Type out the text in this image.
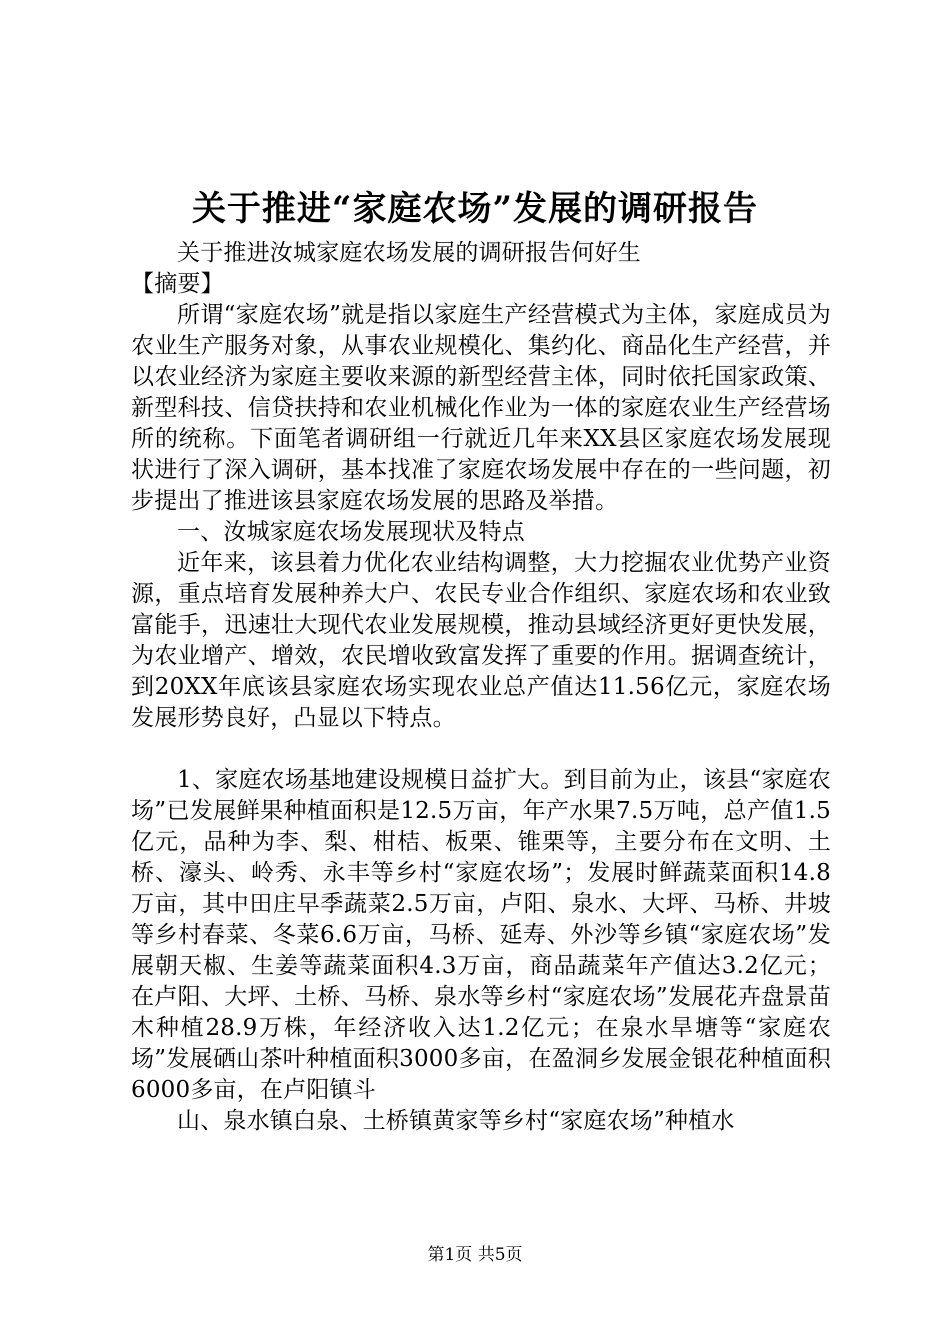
关于推进“家庭农场”发展的调研报告

关于推进汝城家庭农场发展的调研报告何好生

【摘要】

所谓“家庭农场”就是指以家庭生产经营模式为主体，家庭成员为农业生产服务对象，从事农业规模化、集约化、商品化生产经营，并以农业经济为家庭主要收来源的新型经营主体，同时依托国家政策、新型科技、信贷扶持和农业机械化作业为一体的家庭农业生产经营场所的统称。下面笔者调研组一行就近几年来XX县区家庭农场发展现状进行了深入调研，基本找准了家庭农场发展中存在的一些问题，初步提出了推进该县家庭农场发展的思路及举措。

一、汝城家庭农场发展现状及特点

近年来，该县着力优化农业结构调整，大力挖掘农业优势产业资源，重点培育发展种养大户、农民专业合作组织、家庭农场和农业致富能手，迅速壮大现代农业发展规模，推动县域经济更好更快发展，为农业增产、增效，农民增收致富发挥了重要的作用。据调查统计，到20XX年底该县家庭农场实现农业总产值达11.56亿元，家庭农场发展形势良好，凸显以下特点。

1、家庭农场基地建设规模日益扩大。到目前为止，该县“家庭农场”已发展鲜果种植面积是12.5万亩，年产水果7.5万吨，总产值1.5亿元，品种为李、梨、柑桔、板栗、锥栗等，主要分布在文明、土桥、濠头、岭秀、永丰等乡村“家庭农场”；发展时鲜蔬菜面积14.8万亩，其中田庄早季蔬菜2.5万亩，卢阳、泉水、大坪、马桥、井坡等乡村春菜、冬菜6.6万亩，马桥、延寿、外沙等乡镇“家庭农场”发展朝天椒、生姜等蔬菜面积4.3万亩，商品蔬菜年产值达3.2亿元；在卢阳、大坪、土桥、马桥、泉水等乡村“家庭农场”发展花卉盘景苗木种植28.9万株，年经济收入达1.2亿元；在泉水旱塘等“家庭农场”发展硒山茶叶种植面积3000多亩，在盈洞乡发展金银花种植面积6000多亩，在卢阳镇斗

山、泉水镇白泉、土桥镇黄家等乡村“家庭农场”种植水

第1页 共5页
